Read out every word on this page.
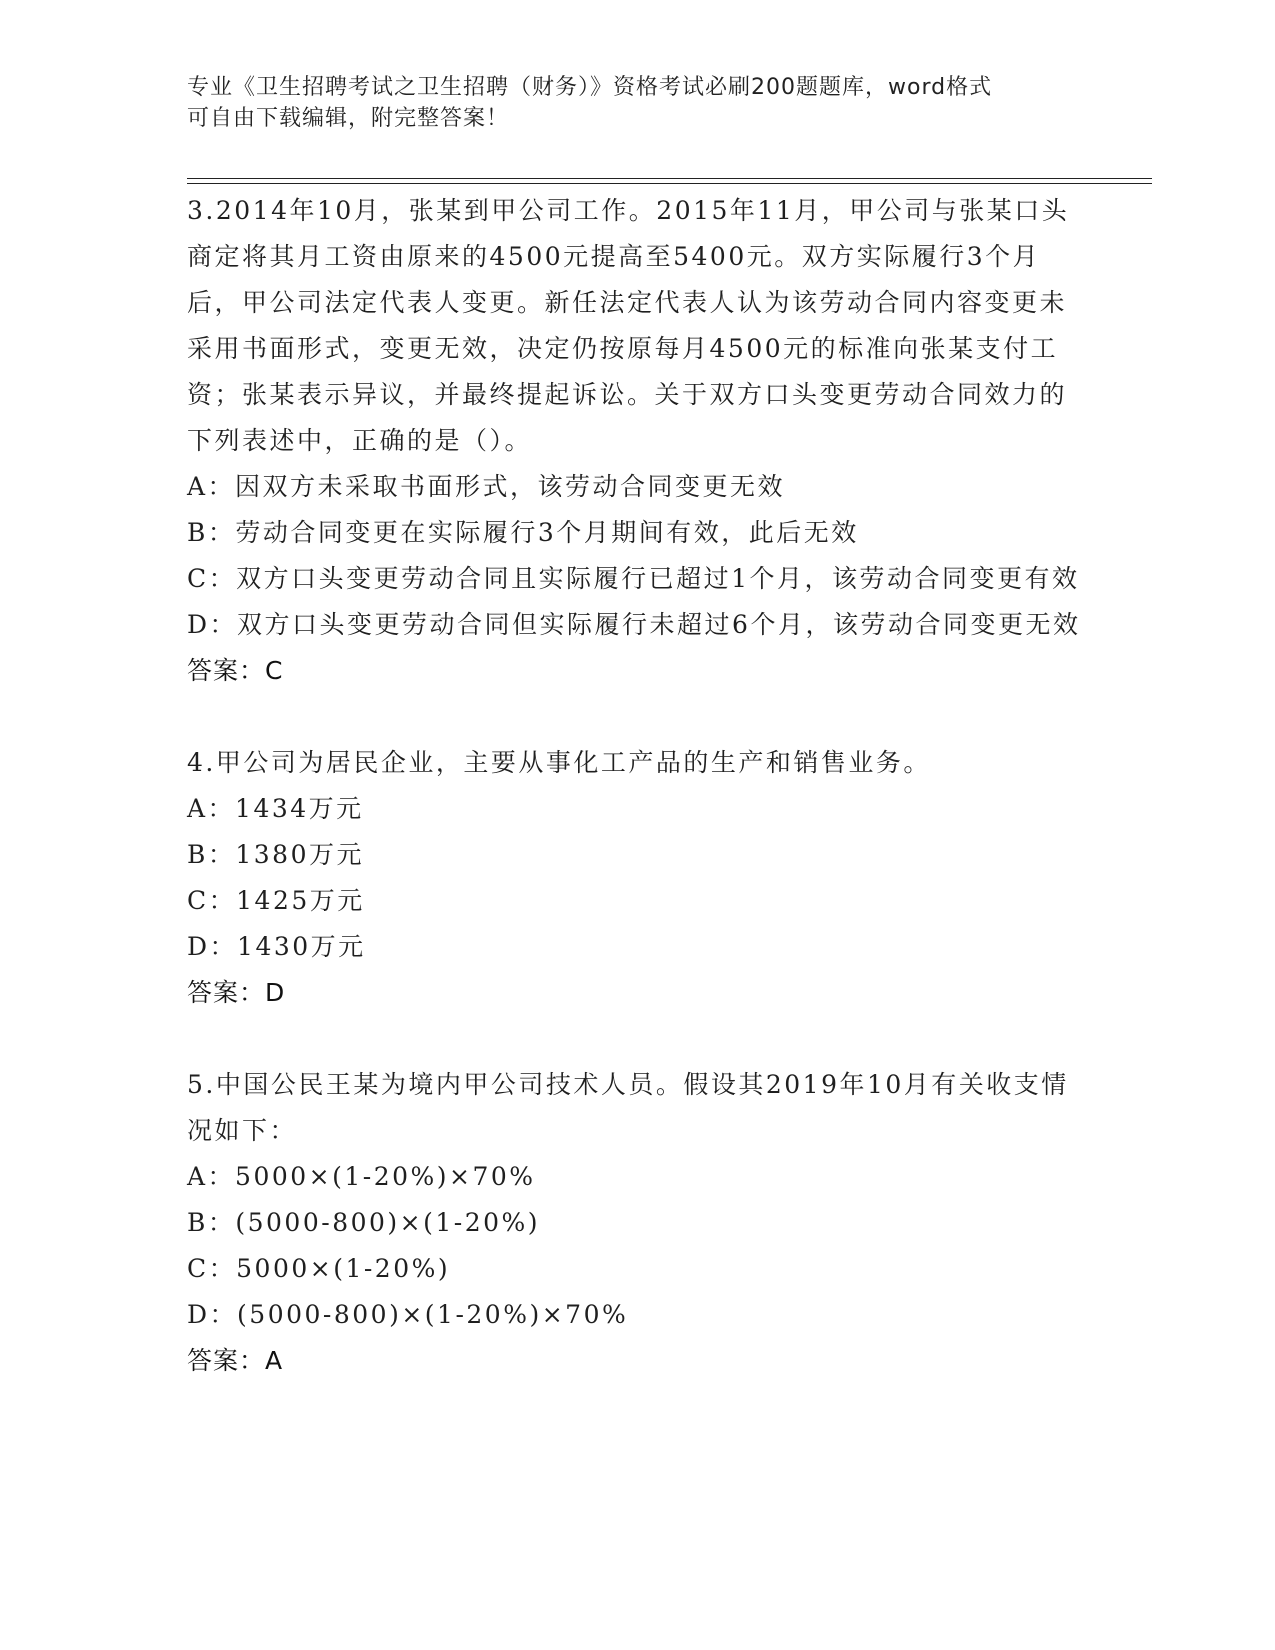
专业《卫生招聘考试之卫生招聘（财务）》资格考试必刷200题题库，word格式
可自由下载编辑，附完整答案！
3.2014年10月，张某到甲公司工作。2015年11月，甲公司与张某口头商定将其月工资由原来的4500元提高至5400元。双方实际履行3个月后，甲公司法定代表人变更。新任法定代表人认为该劳动合同内容变更未采用书面形式，变更无效，决定仍按原每月4500元的标准向张某支付工资；张某表示异议，并最终提起诉讼。关于双方口头变更劳动合同效力的下列表述中，正确的是（）。
A：因双方未采取书面形式，该劳动合同变更无效
B：劳动合同变更在实际履行3个月期间有效，此后无效
C：双方口头变更劳动合同且实际履行已超过1个月，该劳动合同变更有效
D：双方口头变更劳动合同但实际履行未超过6个月，该劳动合同变更无效
答案：C
4.甲公司为居民企业，主要从事化工产品的生产和销售业务。
A：1434万元
B：1380万元
C：1425万元
D：1430万元
答案：D
5.中国公民王某为境内甲公司技术人员。假设其2019年10月有关收支情况如下：
A：5000×(1-20%)×70%
B：(5000-800)×(1-20%)
C：5000×(1-20%)
D：(5000-800)×(1-20%)×70%
答案：A
